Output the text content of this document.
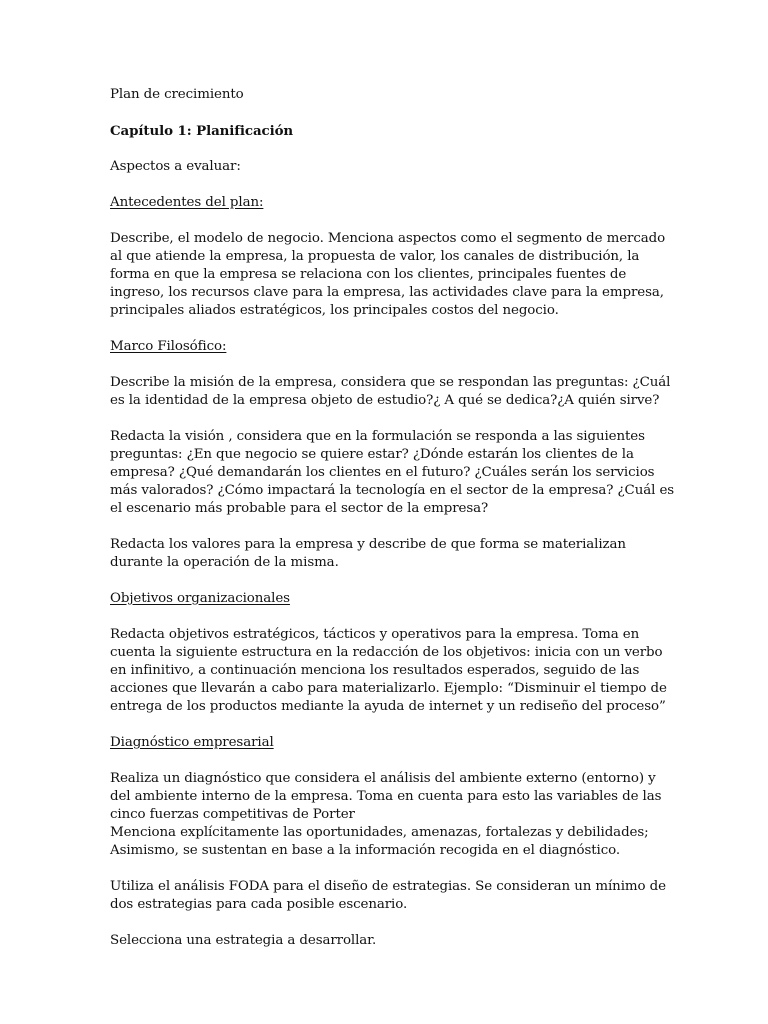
Plan de crecimiento

Capítulo 1: Planificación

Aspectos a evaluar:

Antecedentes del plan:

Describe, el modelo de negocio. Menciona aspectos como el segmento de mercado
al que atiende la empresa, la propuesta de valor, los canales de distribución, la
forma en que la empresa se relaciona con los clientes, principales fuentes de
ingreso, los recursos clave para la empresa, las actividades clave para la empresa,
principales aliados estratégicos, los principales costos del negocio.

Marco Filosófico:

Describe la misión de la empresa, considera que se respondan las preguntas: ¿Cuál
es la identidad de la empresa objeto de estudio?¿ A qué se dedica?¿A quién sirve?

Redacta la visión , considera que en la formulación se responda a las siguientes
preguntas: ¿En que negocio se quiere estar? ¿Dónde estarán los clientes de la
empresa? ¿Qué demandarán los clientes en el futuro? ¿Cuáles serán los servicios
más valorados? ¿Cómo impactará la tecnología en el sector de la empresa? ¿Cuál es
el escenario más probable para el sector de la empresa?

Redacta los valores para la empresa y describe de que forma se materializan
durante la operación de la misma.

Objetivos organizacionales

Redacta objetivos estratégicos, tácticos y operativos para la empresa. Toma en
cuenta la siguiente estructura en la redacción de los objetivos: inicia con un verbo
en infinitivo, a continuación menciona los resultados esperados, seguido de las
acciones que llevarán a cabo para materializarlo. Ejemplo: “Disminuir el tiempo de
entrega de los productos mediante la ayuda de internet y un rediseño del proceso”

Diagnóstico empresarial

Realiza un diagnóstico que considera el análisis del ambiente externo (entorno) y
del ambiente interno de la empresa. Toma en cuenta para esto las variables de las
cinco fuerzas competitivas de Porter
Menciona explícitamente las oportunidades, amenazas, fortalezas y debilidades;
Asimismo, se sustentan en base a la información recogida en el diagnóstico.

Utiliza el análisis FODA para el diseño de estrategias. Se consideran un mínimo de
dos estrategias para cada posible escenario.

Selecciona una estrategia a desarrollar.
